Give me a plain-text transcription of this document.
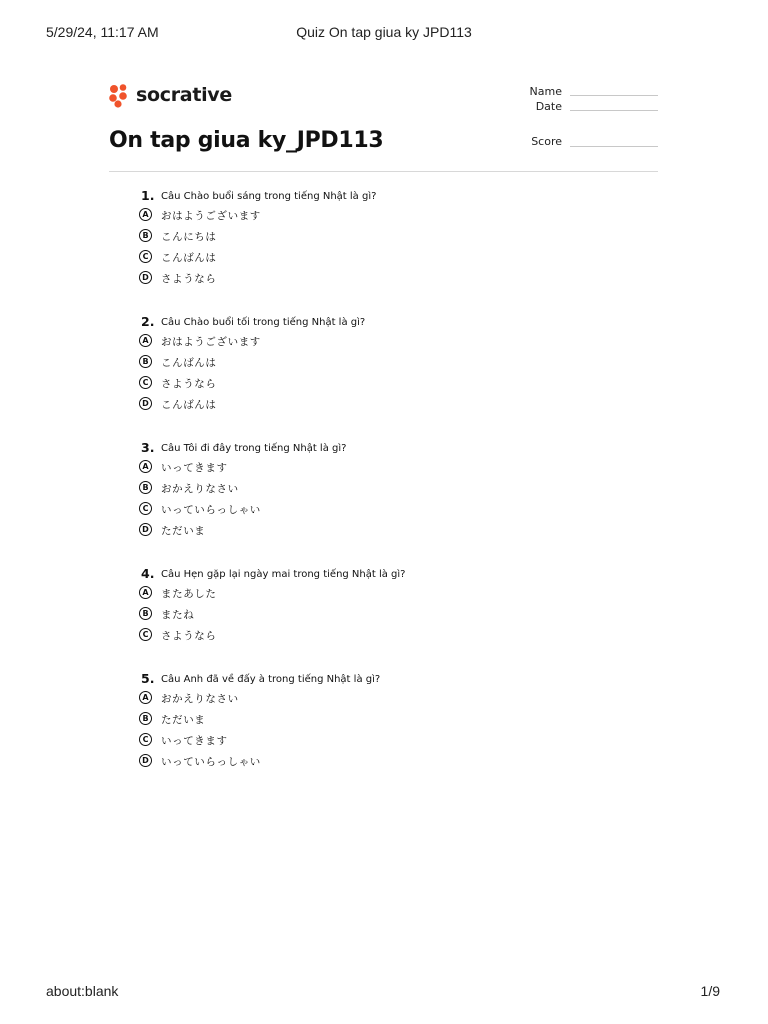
5/29/24, 11:17 AM	Quiz On tap giua ky JPD113
socrative	Name
Date
Score
On tap giua ky_JPD113
1. Câu Chào buổi sáng trong tiếng Nhật là gì?
A	おはようございます
B	こんにちは
C	こんばんは
D	さようなら
2. Câu Chào buổi tối trong tiếng Nhật là gì?
A	おはようございます
B	こんばんは
C	さようなら
D	こんばんは
3. Câu Tôi đi đây trong tiếng Nhật là gì?
A	いってきます
B	おかえりなさい
C	いっていらっしゃい
D	ただいま
4. Câu Hẹn gặp lại ngày mai trong tiếng Nhật là gì?
A	またあした
B	またね
C	さようなら
5. Câu Anh đã về đấy à trong tiếng Nhật là gì?
A	おかえりなさい
B	ただいま
C	いってきます
D	いっていらっしゃい
about:blank	1/9
